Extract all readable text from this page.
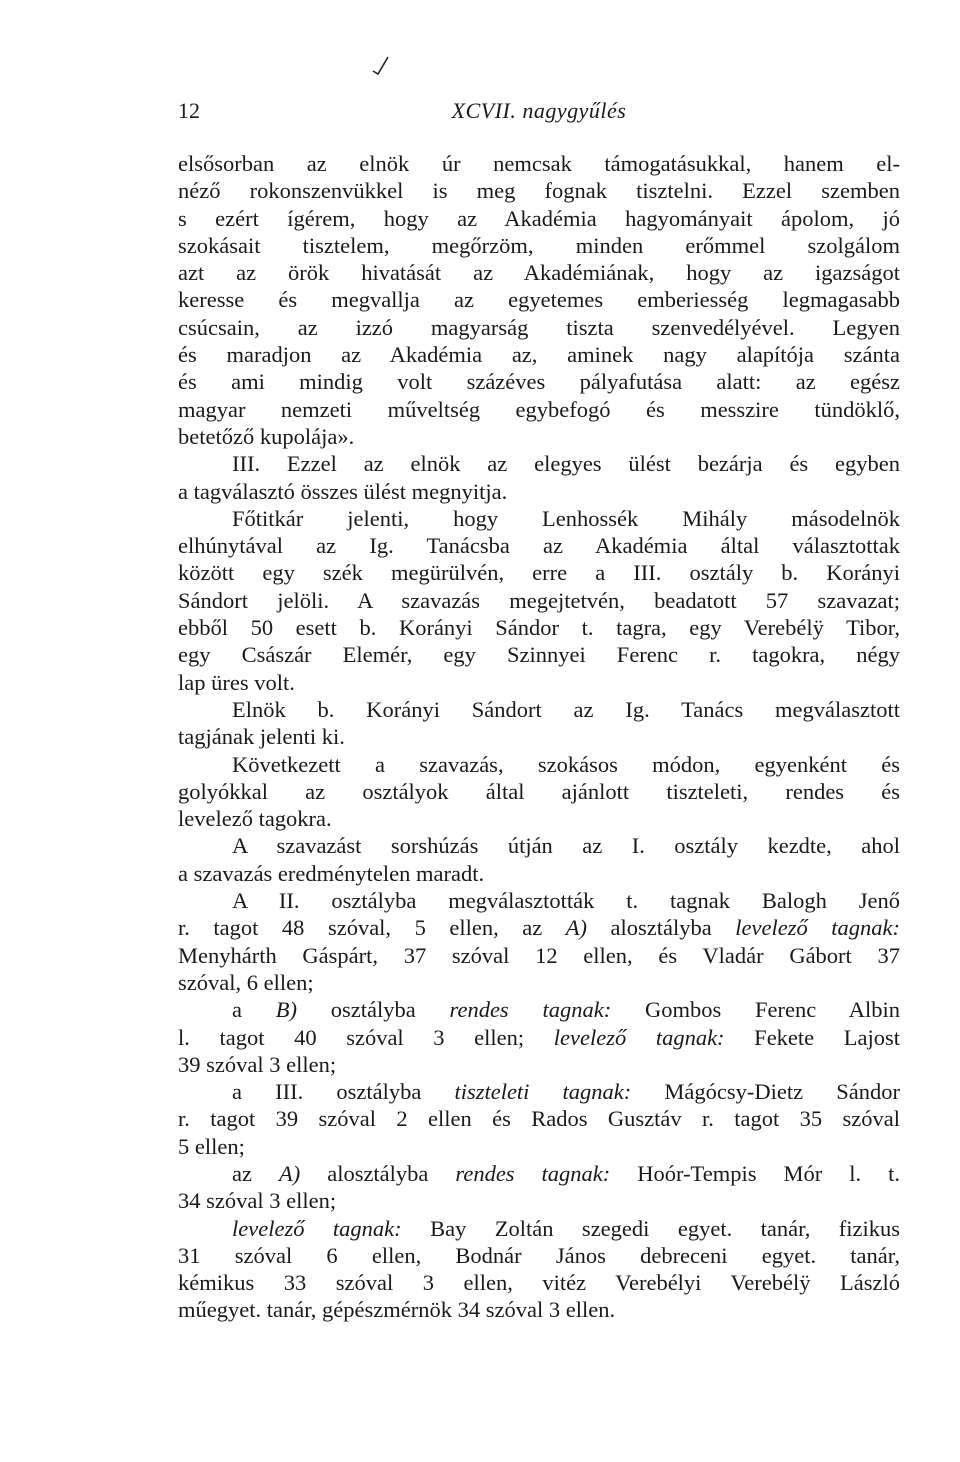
12	XCVII. nagygyűlés
elsősorban az elnök úr nemcsak támogatásukkal, hanem el-
néző rokonszenvükkel is meg fognak tisztelni. Ezzel szemben
s ezért ígérem, hogy az Akadémia hagyományait ápolom, jó
szokásait tisztelem, megőrzöm, minden erőmmel szolgálom
azt az örök hivatását az Akadémiának, hogy az igazságot
keresse és megvallja az egyetemes emberiesség legmagasabb
csúcsain, az izzó magyarság tiszta szenvedélyével. Legyen
és maradjon az Akadémia az, aminek nagy alapítója szánta
és ami mindig volt százéves pályafutása alatt: az egész
magyar nemzeti műveltség egybefogó és messzire tündöklő,
betetőző kupolája».
III. Ezzel az elnök az elegyes ülést bezárja és egyben
a tagválasztó összes ülést megnyitja.
Főtitkár jelenti, hogy Lenhossék Mihály másodelnök
elhúnytával az Ig. Tanácsba az Akadémia által választottak
között egy szék megürülvén, erre a III. osztály b. Korányi
Sándort jelöli. A szavazás megejtetvén, beadatott 57 szavazat;
ebből 50 esett b. Korányi Sándor t. tagra, egy Verebélÿ Tibor,
egy Császár Elemér, egy Szinnyei Ferenc r. tagokra, négy
lap üres volt.
Elnök b. Korányi Sándort az Ig. Tanács megválasztott
tagjának jelenti ki.
Következett a szavazás, szokásos módon, egyenként és
golyókkal az osztályok által ajánlott tiszteleti, rendes és
levelező tagokra.
A szavazást sorshúzás útján az I. osztály kezdte, ahol
a szavazás eredménytelen maradt.
A II. osztályba megválasztották t. tagnak Balogh Jenő
r. tagot 48 szóval, 5 ellen, az A) alosztályba levelező tagnak:
Menyhárth Gáspárt, 37 szóval 12 ellen, és Vladár Gábort 37
szóval, 6 ellen;
a B) osztályba rendes tagnak: Gombos Ferenc Albin
l. tagot 40 szóval 3 ellen; levelező tagnak: Fekete Lajost
39 szóval 3 ellen;
a III. osztályba tiszteleti tagnak: Mágócsy-Dietz Sándor
r. tagot 39 szóval 2 ellen és Rados Gusztáv r. tagot 35 szóval
5 ellen;
az A) alosztályba rendes tagnak: Hoór-Tempis Mór l. t.
34 szóval 3 ellen;
levelező tagnak: Bay Zoltán szegedi egyet. tanár, fizikus
31 szóval 6 ellen, Bodnár János debreceni egyet. tanár,
kémikus 33 szóval 3 ellen, vitéz Verebélyi Verebélÿ László
műegyet. tanár, gépészmérnök 34 szóval 3 ellen.
